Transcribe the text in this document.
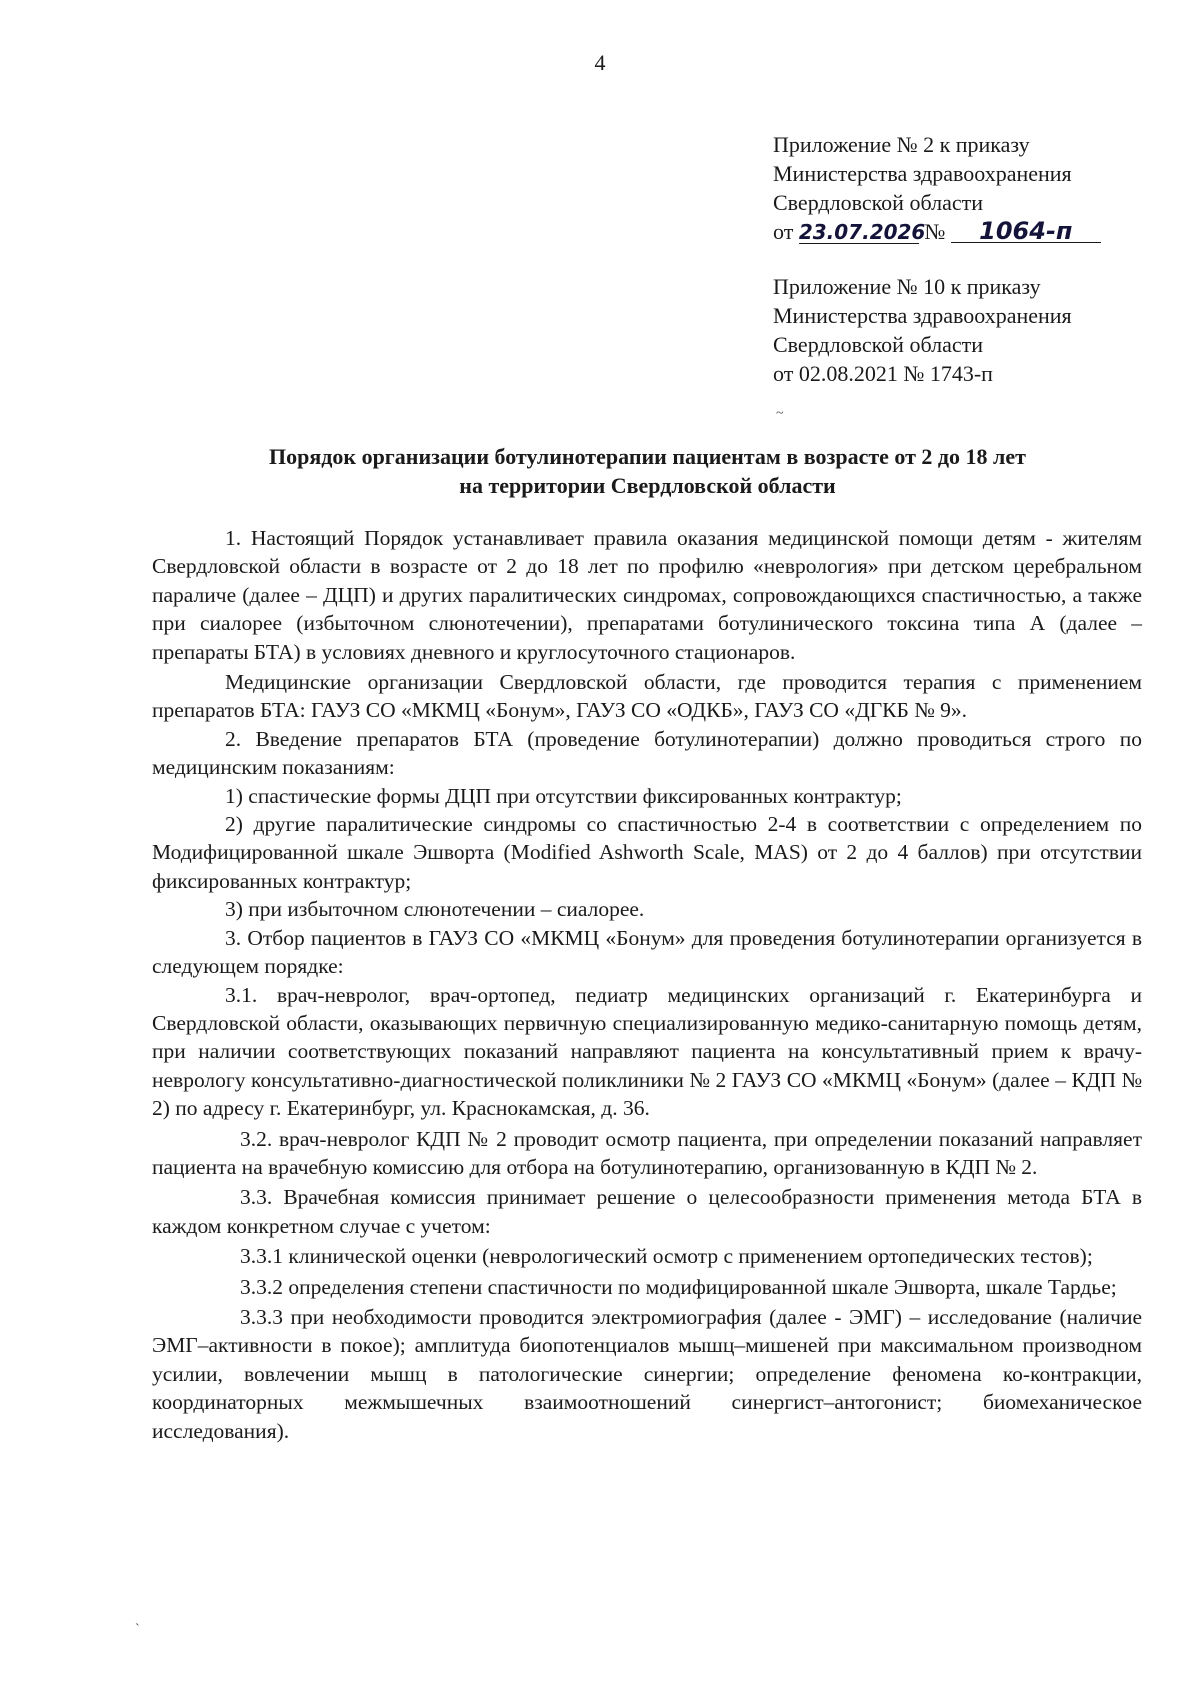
4
Приложение № 2 к приказу
Министерства здравоохранения
Свердловской области
от 23.07.2026 № 1064-п
Приложение № 10 к приказу
Министерства здравоохранения
Свердловской области
от 02.08.2021 № 1743-п
~
`
Порядок организации ботулинотерапии пациентам в возрасте от 2 до 18 лет
на территории Свердловской области

1. Настоящий Порядок устанавливает правила оказания медицинской помощи детям - жителям Свердловской области в возрасте от 2 до 18 лет по профилю «неврология» при детском церебральном параличе (далее – ДЦП) и других паралитических синдромах, сопровождающихся спастичностью, а также при сиалорее (избыточном слюнотечении), препаратами ботулинического токсина типа А (далее – препараты БТА) в условиях дневного и круглосуточного стационаров.

Медицинские организации Свердловской области, где проводится терапия с применением препаратов БТА: ГАУЗ СО «МКМЦ «Бонум», ГАУЗ СО «ОДКБ», ГАУЗ СО «ДГКБ № 9».

2. Введение препаратов БТА (проведение ботулинотерапии) должно проводиться строго по медицинским показаниям:

1) спастические формы ДЦП при отсутствии фиксированных контрактур;

2) другие паралитические синдромы со спастичностью 2-4 в соответствии с определением по Модифицированной шкале Эшворта (Modified Ashworth Scale, MAS) от 2 до 4 баллов) при отсутствии фиксированных контрактур;

3) при избыточном слюнотечении – сиалорее.

3. Отбор пациентов в ГАУЗ СО «МКМЦ «Бонум» для проведения ботулинотерапии организуется в следующем порядке:

3.1. врач-невролог, врач-ортопед, педиатр медицинских организаций г. Екатеринбурга и Свердловской области, оказывающих первичную специализированную медико-санитарную помощь детям, при наличии соответствующих показаний направляют пациента на консультативный прием к врачу-неврологу консультативно-диагностической поликлиники № 2 ГАУЗ СО «МКМЦ «Бонум» (далее – КДП № 2) по адресу г. Екатеринбург, ул. Краснокамская, д. 36.

3.2. врач-невролог КДП № 2 проводит осмотр пациента, при определении показаний направляет пациента на врачебную комиссию для отбора на ботулинотерапию, организованную в КДП № 2.

3.3. Врачебная комиссия принимает решение о целесообразности применения метода БТА в каждом конкретном случае с учетом:

3.3.1 клинической оценки (неврологический осмотр с применением ортопедических тестов);

3.3.2 определения степени спастичности по модифицированной шкале Эшворта, шкале Тардье;

3.3.3 при необходимости проводится электромиография (далее - ЭМГ) – исследование (наличие ЭМГ–активности в покое); амплитуда биопотенциалов мышц–мишеней при максимальном производном усилии, вовлечении мышц в патологические синергии; определение феномена ко-контракции, координаторных межмышечных взаимоотношений синергист–антогонист; биомеханическое исследования).
